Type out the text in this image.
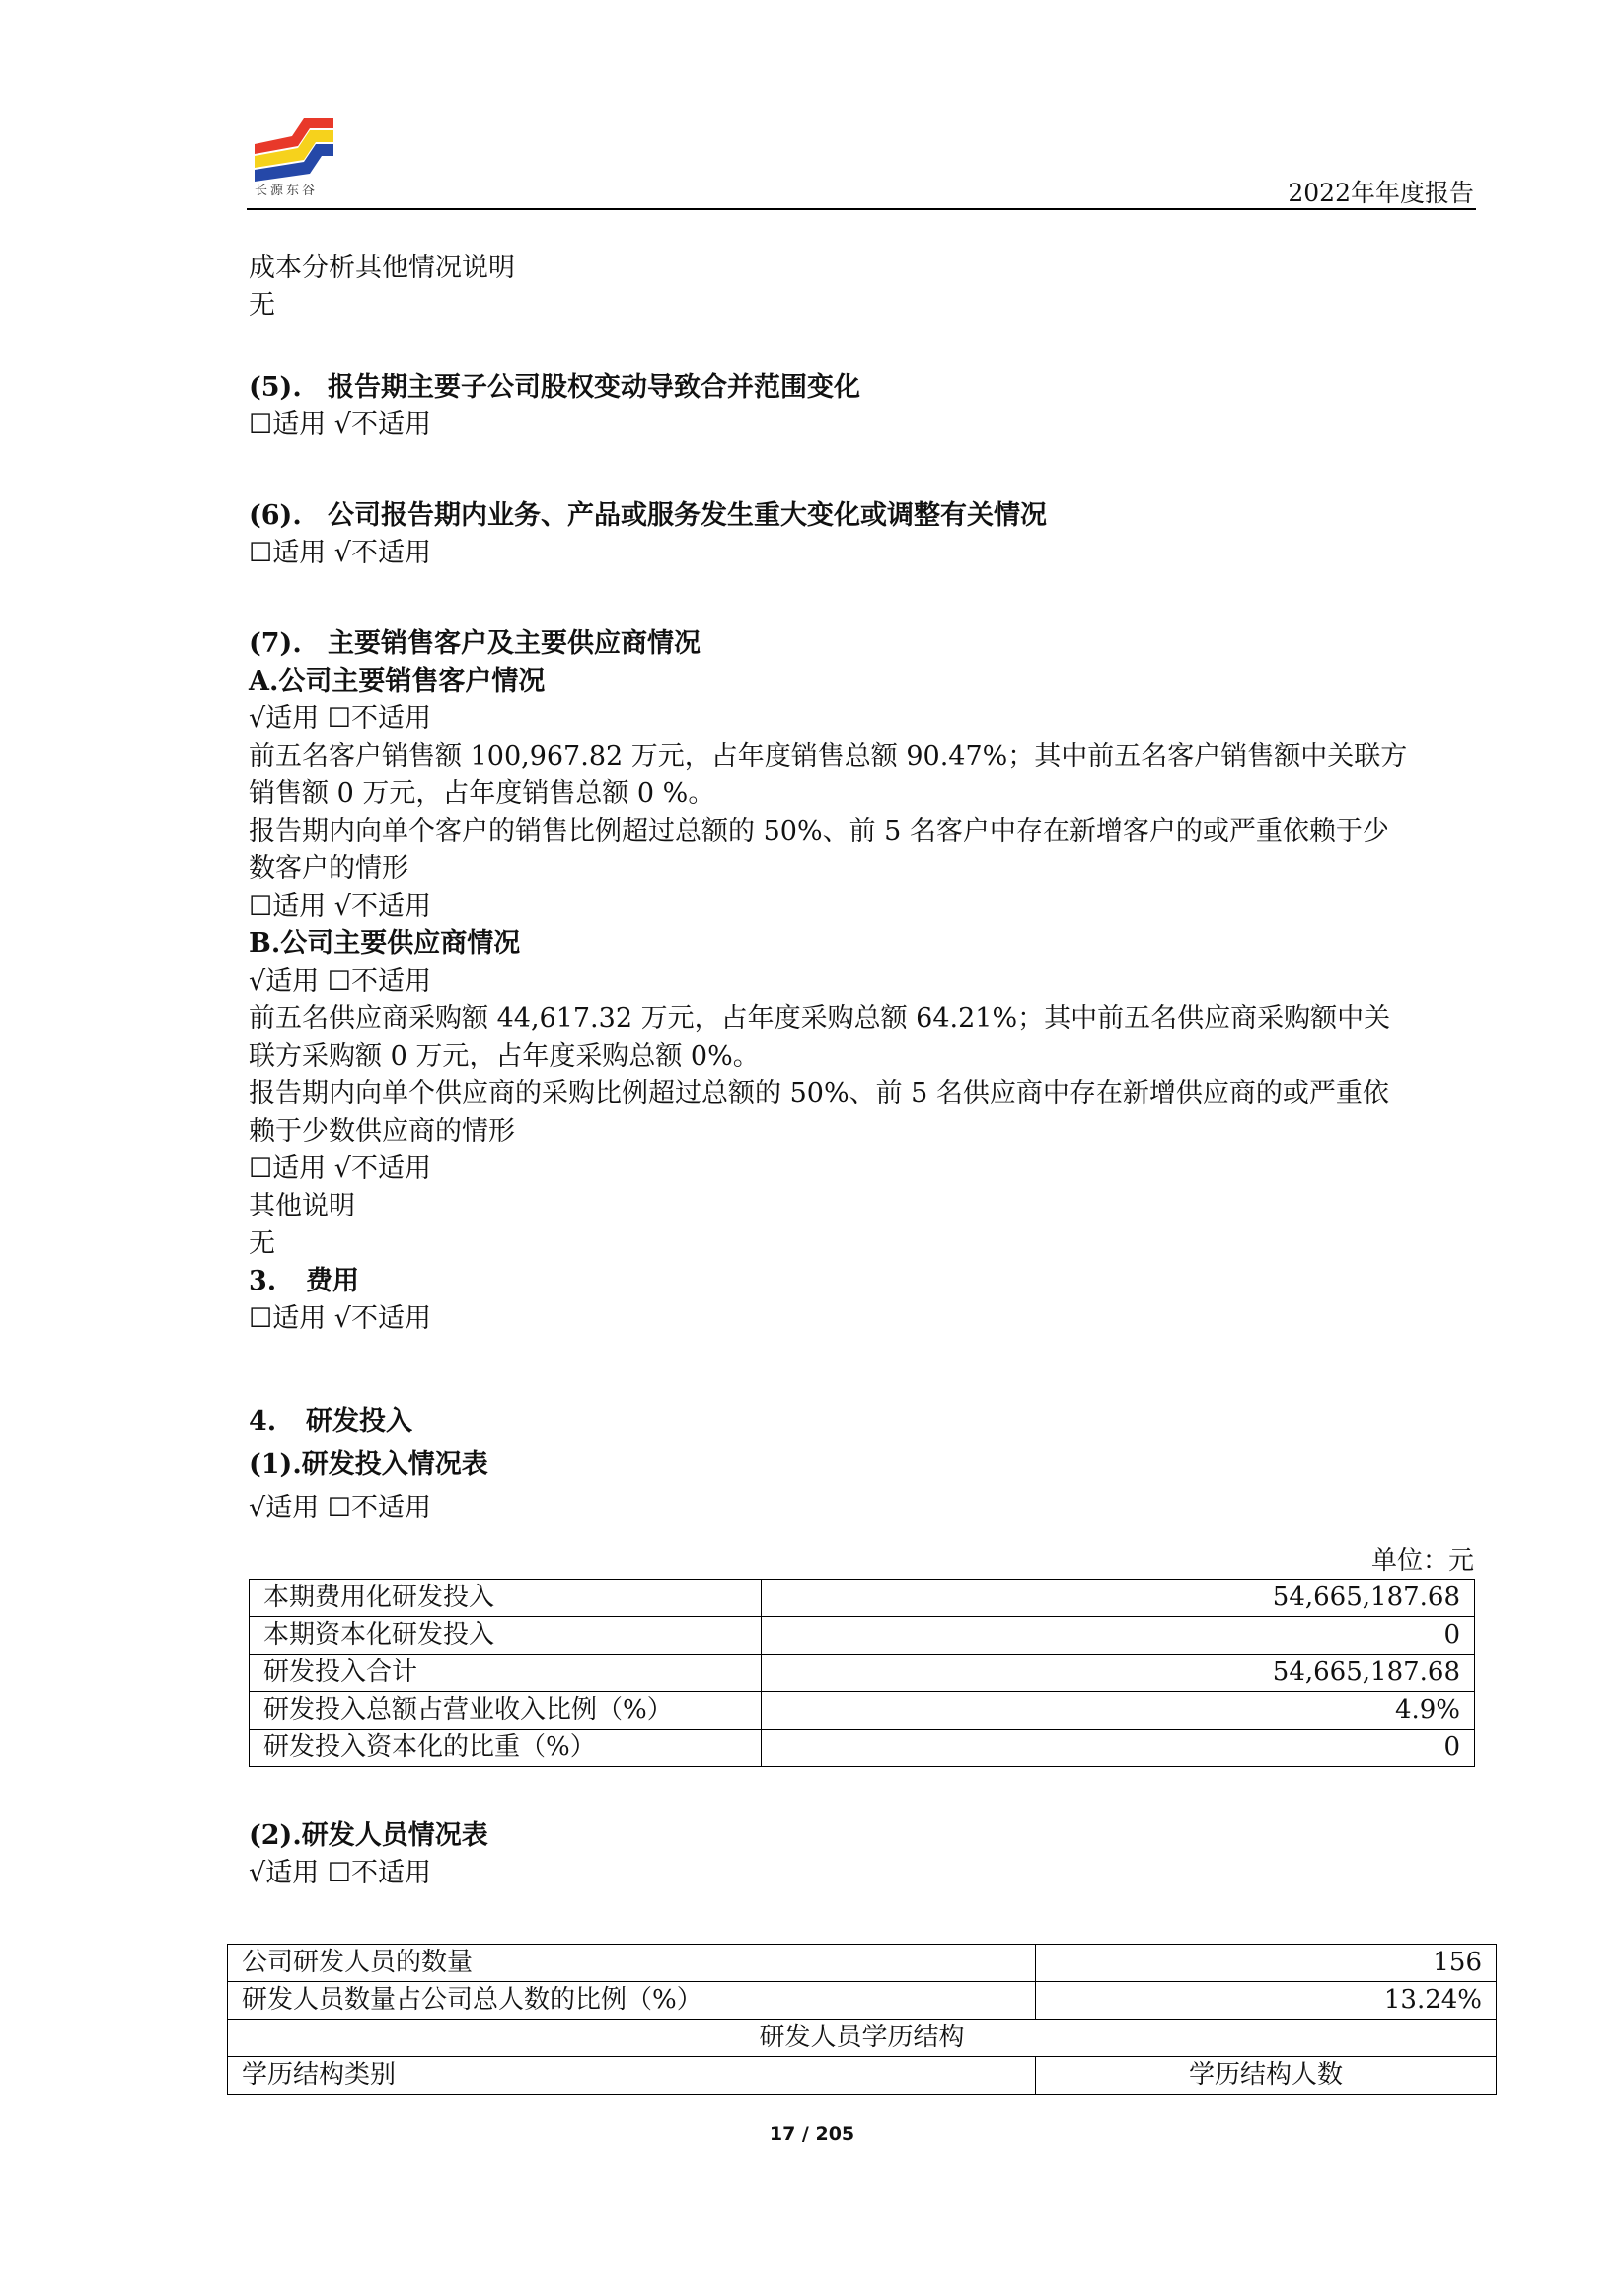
长源东谷	2022年年度报告
成本分析其他情况说明
无
(5). 报告期主要子公司股权变动导致合并范围变化
☐适用 √不适用
(6). 公司报告期内业务、产品或服务发生重大变化或调整有关情况
☐适用 √不适用
(7). 主要销售客户及主要供应商情况
A.公司主要销售客户情况
√适用 ☐不适用
前五名客户销售额 100,967.82 万元，占年度销售总额 90.47%；其中前五名客户销售额中关联方
销售额 0 万元，占年度销售总额 0 %。
报告期内向单个客户的销售比例超过总额的 50%、前 5 名客户中存在新增客户的或严重依赖于少
数客户的情形
☐适用 √不适用
B.公司主要供应商情况
√适用 ☐不适用
前五名供应商采购额 44,617.32 万元，占年度采购总额 64.21%；其中前五名供应商采购额中关
联方采购额 0 万元，占年度采购总额 0%。
报告期内向单个供应商的采购比例超过总额的 50%、前 5 名供应商中存在新增供应商的或严重依
赖于少数供应商的情形
☐适用 √不适用
其他说明
无
3. 费用
☐适用 √不适用
4. 研发投入
(1).研发投入情况表
√适用 ☐不适用
单位：元
本期费用化研发投入	54,665,187.68
本期资本化研发投入	0
研发投入合计	54,665,187.68
研发投入总额占营业收入比例（%）	4.9%
研发投入资本化的比重（%）	0
(2).研发人员情况表
√适用 ☐不适用
公司研发人员的数量	156
研发人员数量占公司总人数的比例（%）	13.24%
研发人员学历结构	
学历结构类别	学历结构人数
17 / 205
